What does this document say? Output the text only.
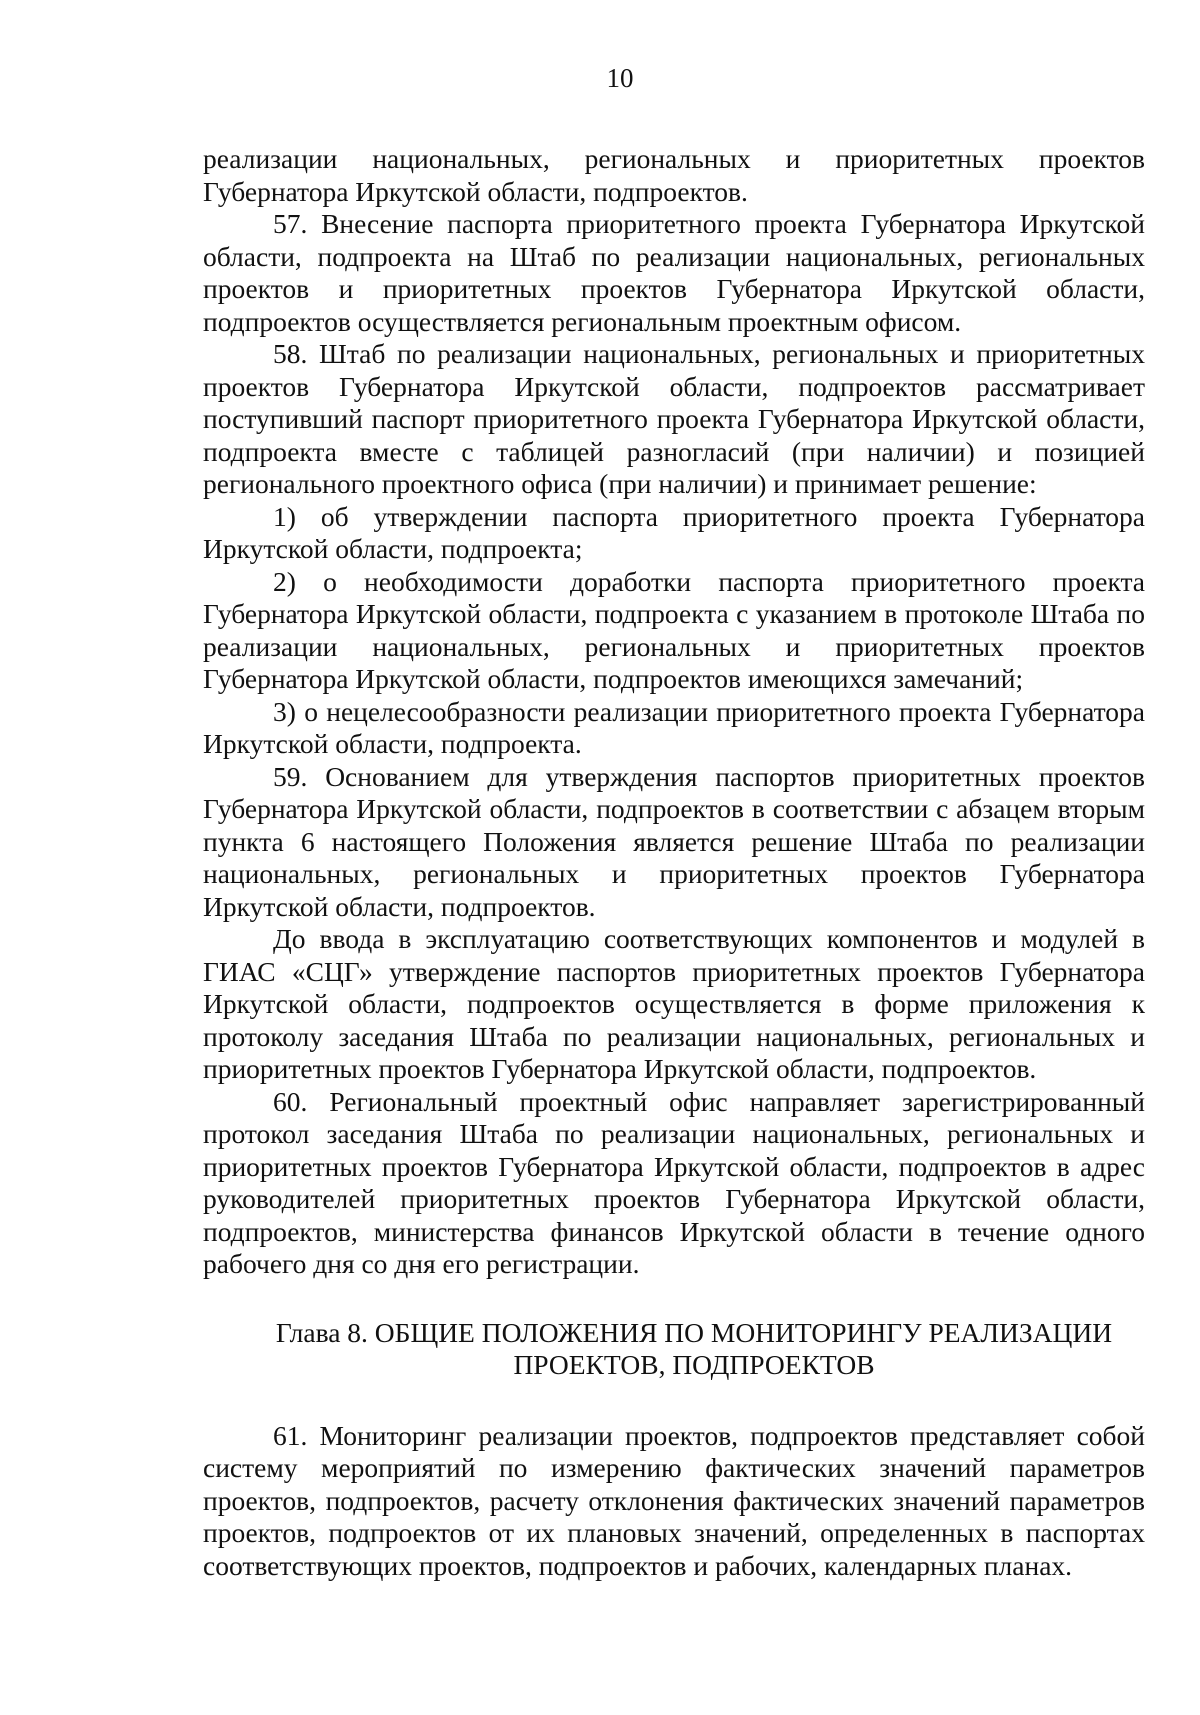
10

реализации национальных, региональных и приоритетных проектов Губернатора Иркутской области, подпроектов.

57. Внесение паспорта приоритетного проекта Губернатора Иркутской области, подпроекта на Штаб по реализации национальных, региональных проектов и приоритетных проектов Губернатора Иркутской области, подпроектов осуществляется региональным проектным офисом.

58. Штаб по реализации национальных, региональных и приоритетных проектов Губернатора Иркутской области, подпроектов рассматривает поступивший паспорт приоритетного проекта Губернатора Иркутской области, подпроекта вместе с таблицей разногласий (при наличии) и позицией регионального проектного офиса (при наличии) и принимает решение:

1) об утверждении паспорта приоритетного проекта Губернатора Иркутской области, подпроекта;

2) о необходимости доработки паспорта приоритетного проекта Губернатора Иркутской области, подпроекта с указанием в протоколе Штаба по реализации национальных, региональных и приоритетных проектов Губернатора Иркутской области, подпроектов имеющихся замечаний;

3) о нецелесообразности реализации приоритетного проекта Губернатора Иркутской области, подпроекта.

59. Основанием для утверждения паспортов приоритетных проектов Губернатора Иркутской области, подпроектов в соответствии с абзацем вторым пункта 6 настоящего Положения является решение Штаба по реализации национальных, региональных и приоритетных проектов Губернатора Иркутской области, подпроектов.

До ввода в эксплуатацию соответствующих компонентов и модулей в ГИАС «СЦГ» утверждение паспортов приоритетных проектов Губернатора Иркутской области, подпроектов осуществляется в форме приложения к протоколу заседания Штаба по реализации национальных, региональных и приоритетных проектов Губернатора Иркутской области, подпроектов.

60. Региональный проектный офис направляет зарегистрированный протокол заседания Штаба по реализации национальных, региональных и приоритетных проектов Губернатора Иркутской области, подпроектов в адрес руководителей приоритетных проектов Губернатора Иркутской области, подпроектов, министерства финансов Иркутской области в течение одного рабочего дня со дня его регистрации.

Глава 8. ОБЩИЕ ПОЛОЖЕНИЯ ПО МОНИТОРИНГУ РЕАЛИЗАЦИИ
ПРОЕКТОВ, ПОДПРОЕКТОВ

61. Мониторинг реализации проектов, подпроектов представляет собой систему мероприятий по измерению фактических значений параметров проектов, подпроектов, расчету отклонения фактических значений параметров проектов, подпроектов от их плановых значений, определенных в паспортах соответствующих проектов, подпроектов и рабочих, календарных планах.
